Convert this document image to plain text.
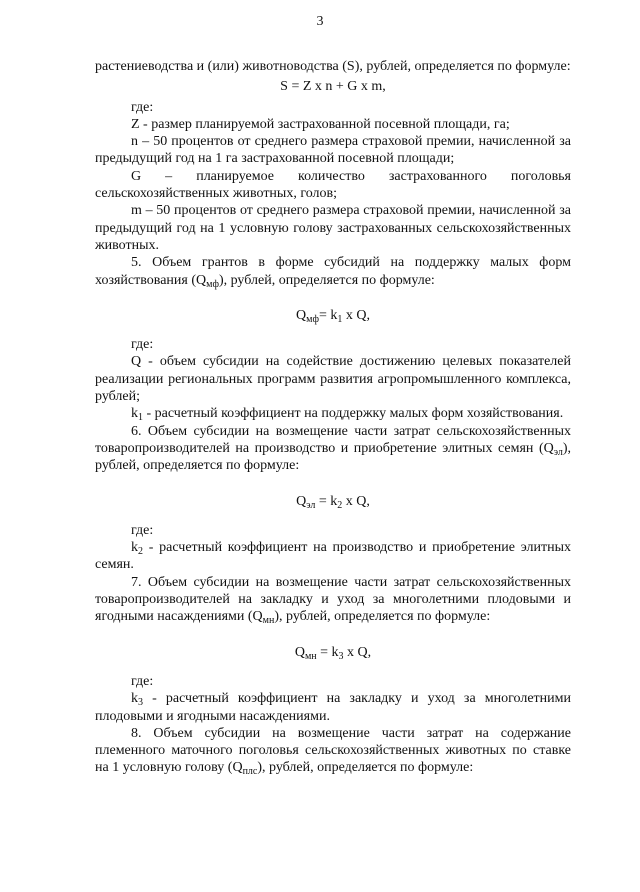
3

растениеводства и (или) животноводства (S), рублей, определяется по формуле:

S = Z x n + G x m,

где:

Z - размер планируемой застрахованной посевной площади, га;

n – 50 процентов от среднего размера страховой премии, начисленной за предыдущий год на 1 га застрахованной посевной площади;

G – планируемое количество застрахованного поголовья сельскохозяйственных животных, голов;

m – 50 процентов от среднего размера страховой премии, начисленной за предыдущий год на 1 условную голову застрахованных сельскохозяйственных животных.

5. Объем грантов в форме субсидий на поддержку малых форм хозяйствования $(Q_{мф})$, рублей, определяется по формуле:

$Q_{мф}= k_1$ x Q,

где:

Q - объем субсидии на содействие достижению целевых показателей реализации региональных программ развития агропромышленного комплекса, рублей;

$k_1$ - расчетный коэффициент на поддержку малых форм хозяйствования.

6. Объем субсидии на возмещение части затрат сельскохозяйственных товаропроизводителей на производство и приобретение элитных семян $(Q_{эл})$, рублей, определяется по формуле:

$Q_{эл} = k_2$ x Q,

где:

$k_2$ - расчетный коэффициент на производство и приобретение элитных семян.

7. Объем субсидии на возмещение части затрат сельскохозяйственных товаропроизводителей на закладку и уход за многолетними плодовыми и ягодными насаждениями $(Q_{мн})$, рублей, определяется по формуле:

$Q_{мн} = k_3$ x Q,

где:

$k_3$ - расчетный коэффициент на закладку и уход за многолетними плодовыми и ягодными насаждениями.

8. Объем субсидии на возмещение части затрат на содержание племенного маточного поголовья сельскохозяйственных животных по ставке на 1 условную голову $(Q_{плс})$, рублей, определяется по формуле:
